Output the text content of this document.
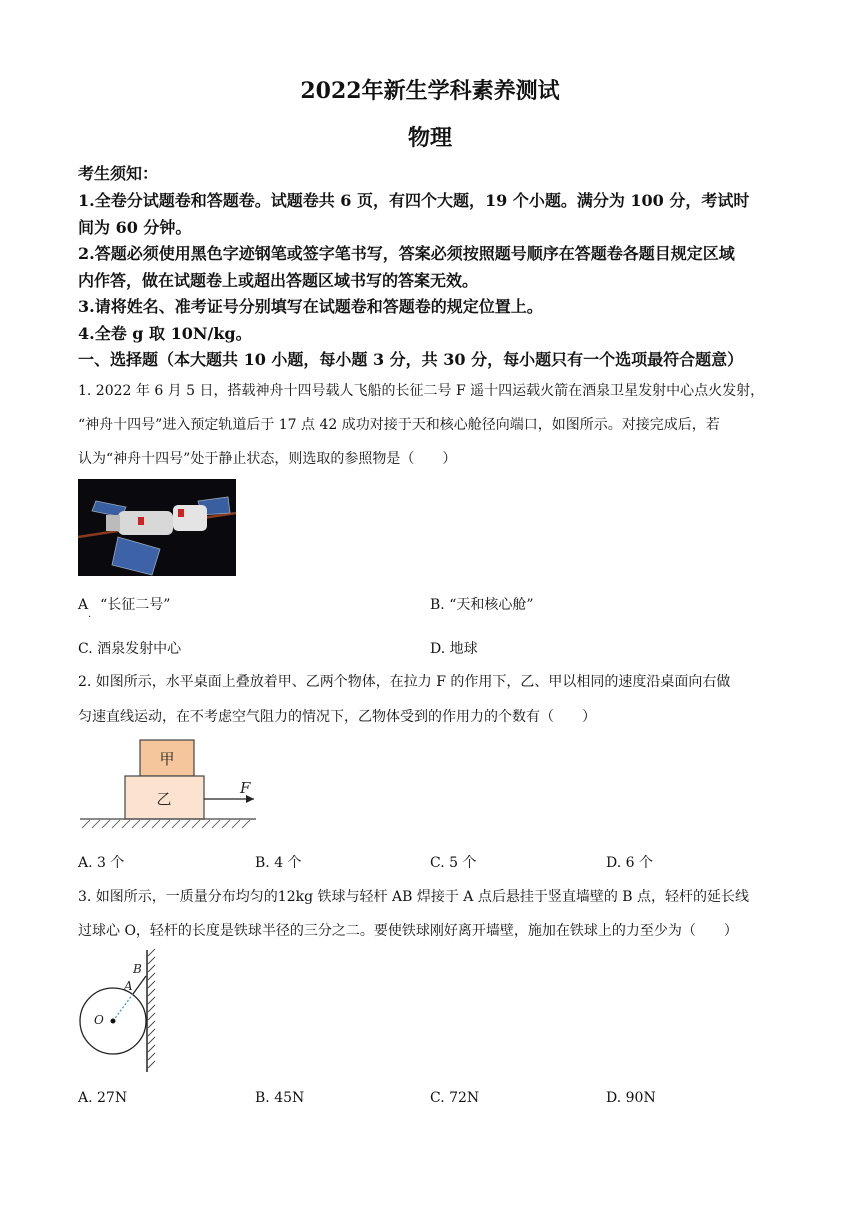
2022年新生学科素养测试
物理
考生须知：
1.全卷分试题卷和答题卷。试题卷共 6 页，有四个大题，19 个小题。满分为 100 分，考试时
间为 60 分钟。
2.答题必须使用黑色字迹钢笔或签字笔书写，答案必须按照题号顺序在答题卷各题目规定区域
内作答，做在试题卷上或超出答题区域书写的答案无效。
3.请将姓名、准考证号分别填写在试题卷和答题卷的规定位置上。
4.全卷 g 取 10N/kg。
一、选择题（本大题共 10 小题，每小题 3 分，共 30 分，每小题只有一个选项最符合题意）
1. 2022 年 6 月 5 日，搭载神舟十四号载人飞船的长征二号 F 遥十四运载火箭在酒泉卫星发射中心点火发射，
“神舟十四号”进入预定轨道后于 17 点 42 成功对接于天和核心舱径向端口，如图所示。对接完成后，若
认为“神舟十四号”处于静止状态，则选取的参照物是（　　）
A “长征二号”
·
B. “天和核心舱”
C. 酒泉发射中心	D. 地球
2. 如图所示，水平桌面上叠放着甲、乙两个物体，在拉力 F 的作用下，乙、甲以相同的速度沿桌面向右做
匀速直线运动，在不考虑空气阻力的情况下，乙物体受到的作用力的个数有（　　）
甲
乙
F
A. 3 个	B. 4 个	C. 5 个	D. 6 个
3. 如图所示，一质量分布均匀的12kg 铁球与轻杆 AB 焊接于 A 点后悬挂于竖直墙壁的 B 点，轻杆的延长线
过球心 O，轻杆的长度是铁球半径的三分之二。要使铁球刚好离开墙壁，施加在铁球上的力至少为（　　）
B
A
O
A. 27N	B. 45N	C. 72N	D. 90N
